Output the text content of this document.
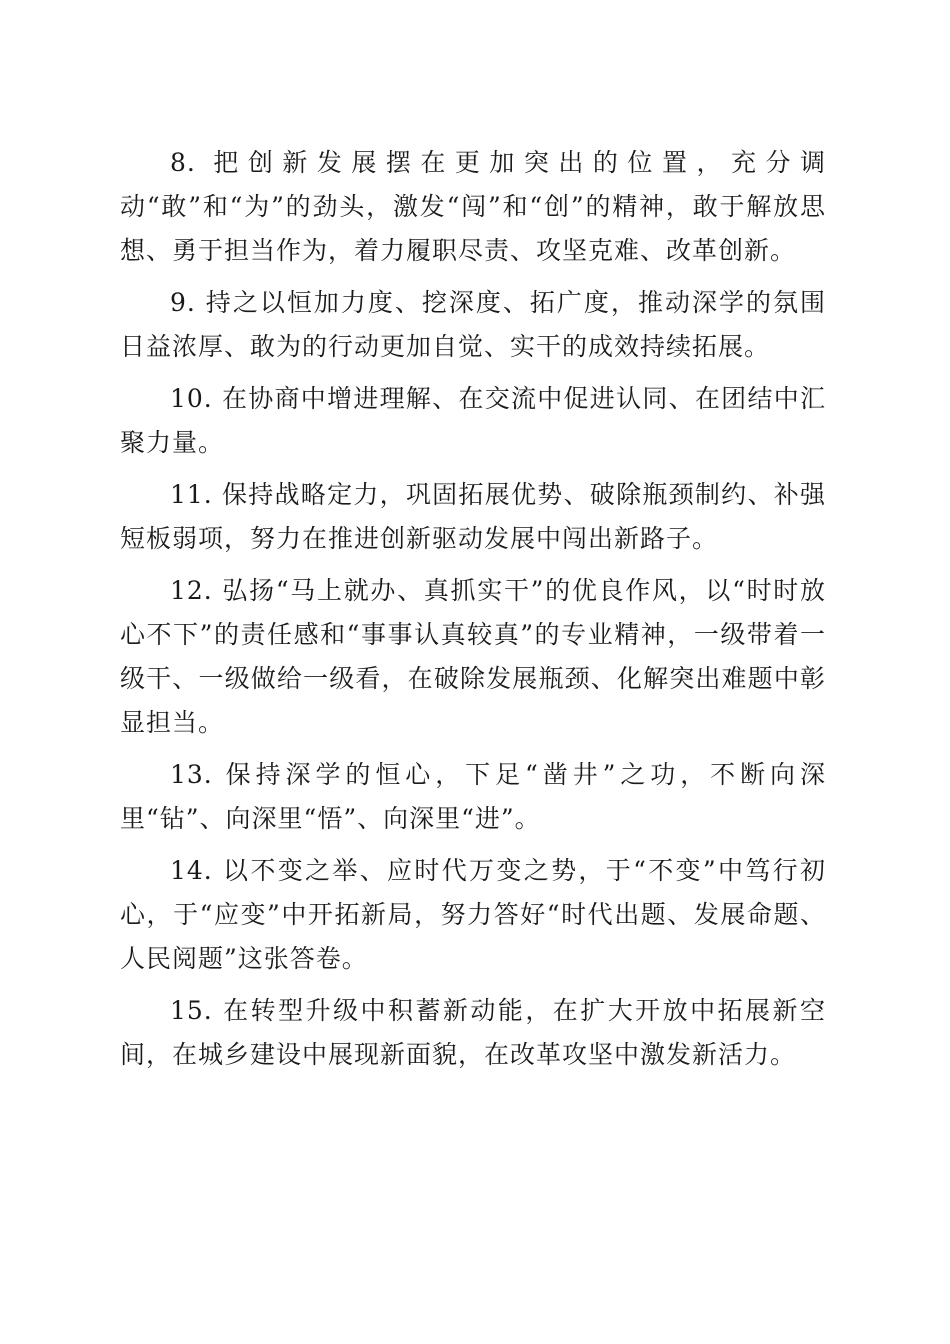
8. 把创新发展摆在更加突出的位置，充分调动“敢”和“为”的劲头，激发“闯”和“创”的精神，敢于解放思想、勇于担当作为，着力履职尽责、攻坚克难、改革创新。

9. 持之以恒加力度、挖深度、拓广度，推动深学的氛围日益浓厚、敢为的行动更加自觉、实干的成效持续拓展。

10. 在协商中增进理解、在交流中促进认同、在团结中汇聚力量。

11. 保持战略定力，巩固拓展优势、破除瓶颈制约、补强短板弱项，努力在推进创新驱动发展中闯出新路子。

12. 弘扬“马上就办、真抓实干”的优良作风，以“时时放心不下”的责任感和“事事认真较真”的专业精神，一级带着一级干、一级做给一级看，在破除发展瓶颈、化解突出难题中彰显担当。

13. 保持深学的恒心，下足“凿井”之功，不断向深里“钻”、向深里“悟”、向深里“进”。

14. 以不变之举、应时代万变之势，于“不变”中笃行初心，于“应变”中开拓新局，努力答好“时代出题、发展命题、人民阅题”这张答卷。

15. 在转型升级中积蓄新动能，在扩大开放中拓展新空间，在城乡建设中展现新面貌，在改革攻坚中激发新活力。
